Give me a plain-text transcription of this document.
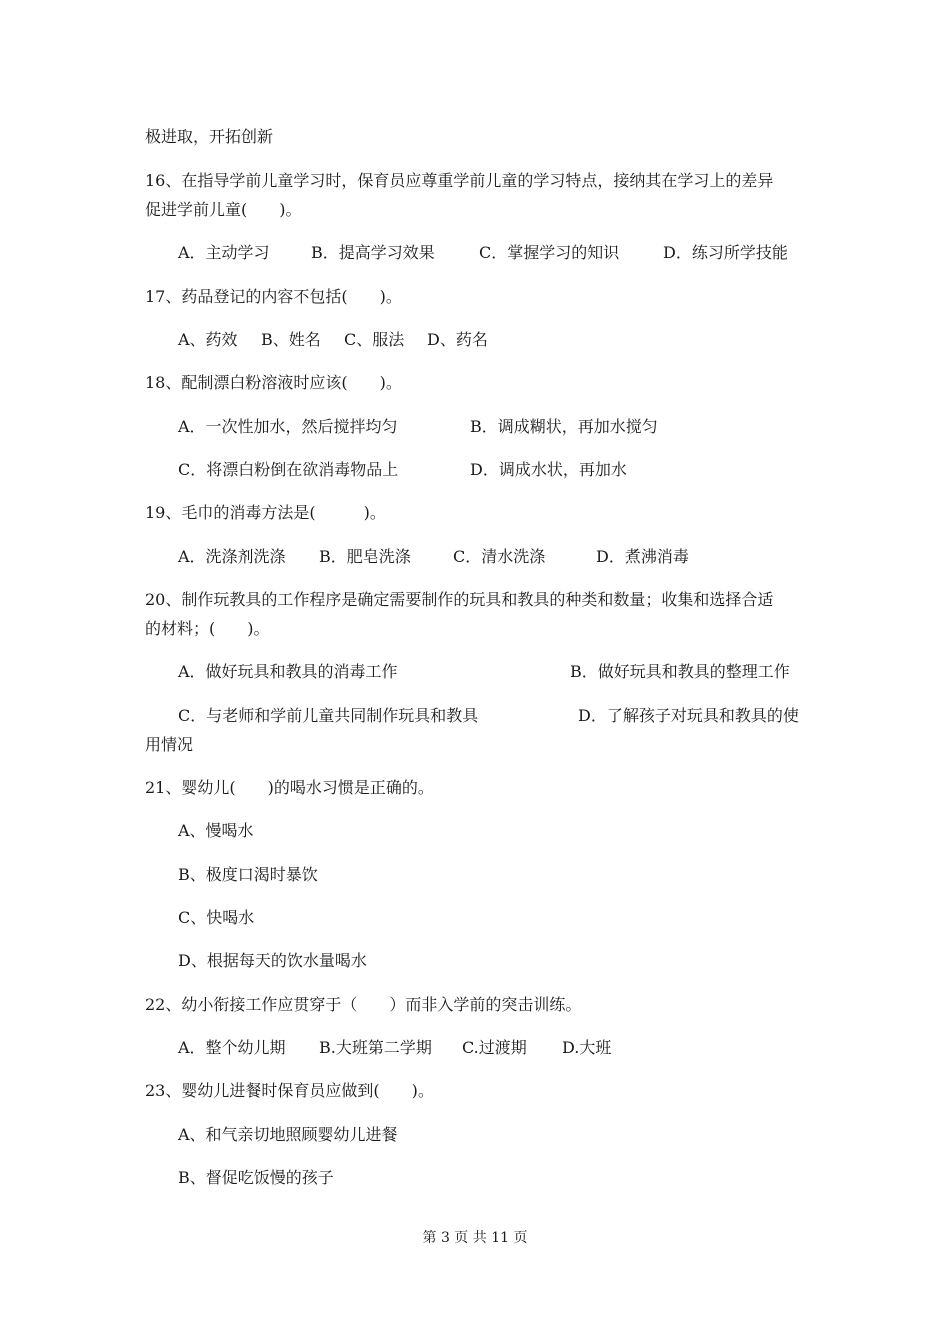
极进取，开拓创新
16、在指导学前儿童学习时，保育员应尊重学前儿童的学习特点，接纳其在学习上的差异
促进学前儿童(　　)。
A．主动学习	B．提高学习效果	C．掌握学习的知识	D．练习所学技能
17、药品登记的内容不包括(　　)。
A、药效 B、姓名 C、服法 D、药名
18、配制漂白粉溶液时应该(　　)。
A．一次性加水，然后搅拌均匀	B．调成糊状，再加水搅匀
C．将漂白粉倒在欲消毒物品上	D．调成水状，再加水
19、毛巾的消毒方法是(　　　)。
A．洗涤剂洗涤 B．肥皂洗涤	C．清水洗涤	D．煮沸消毒
20、制作玩教具的工作程序是确定需要制作的玩具和教具的种类和数量；收集和选择合适
的材料；(　　)。
A．做好玩具和教具的消毒工作	B．做好玩具和教具的整理工作
C．与老师和学前儿童共同制作玩具和教具	D．了解孩子对玩具和教具的使
用情况
21、婴幼儿(　　)的喝水习惯是正确的。
A、慢喝水
B、极度口渴时暴饮
C、快喝水
D、根据每天的饮水量喝水
22、幼小衔接工作应贯穿于（　　）而非入学前的突击训练。
A．整个幼儿期 B.大班第二学期 C.过渡期 D.大班
23、婴幼儿进餐时保育员应做到(　　)。
A、和气亲切地照顾婴幼儿进餐
B、督促吃饭慢的孩子
第 3 页 共 11 页
